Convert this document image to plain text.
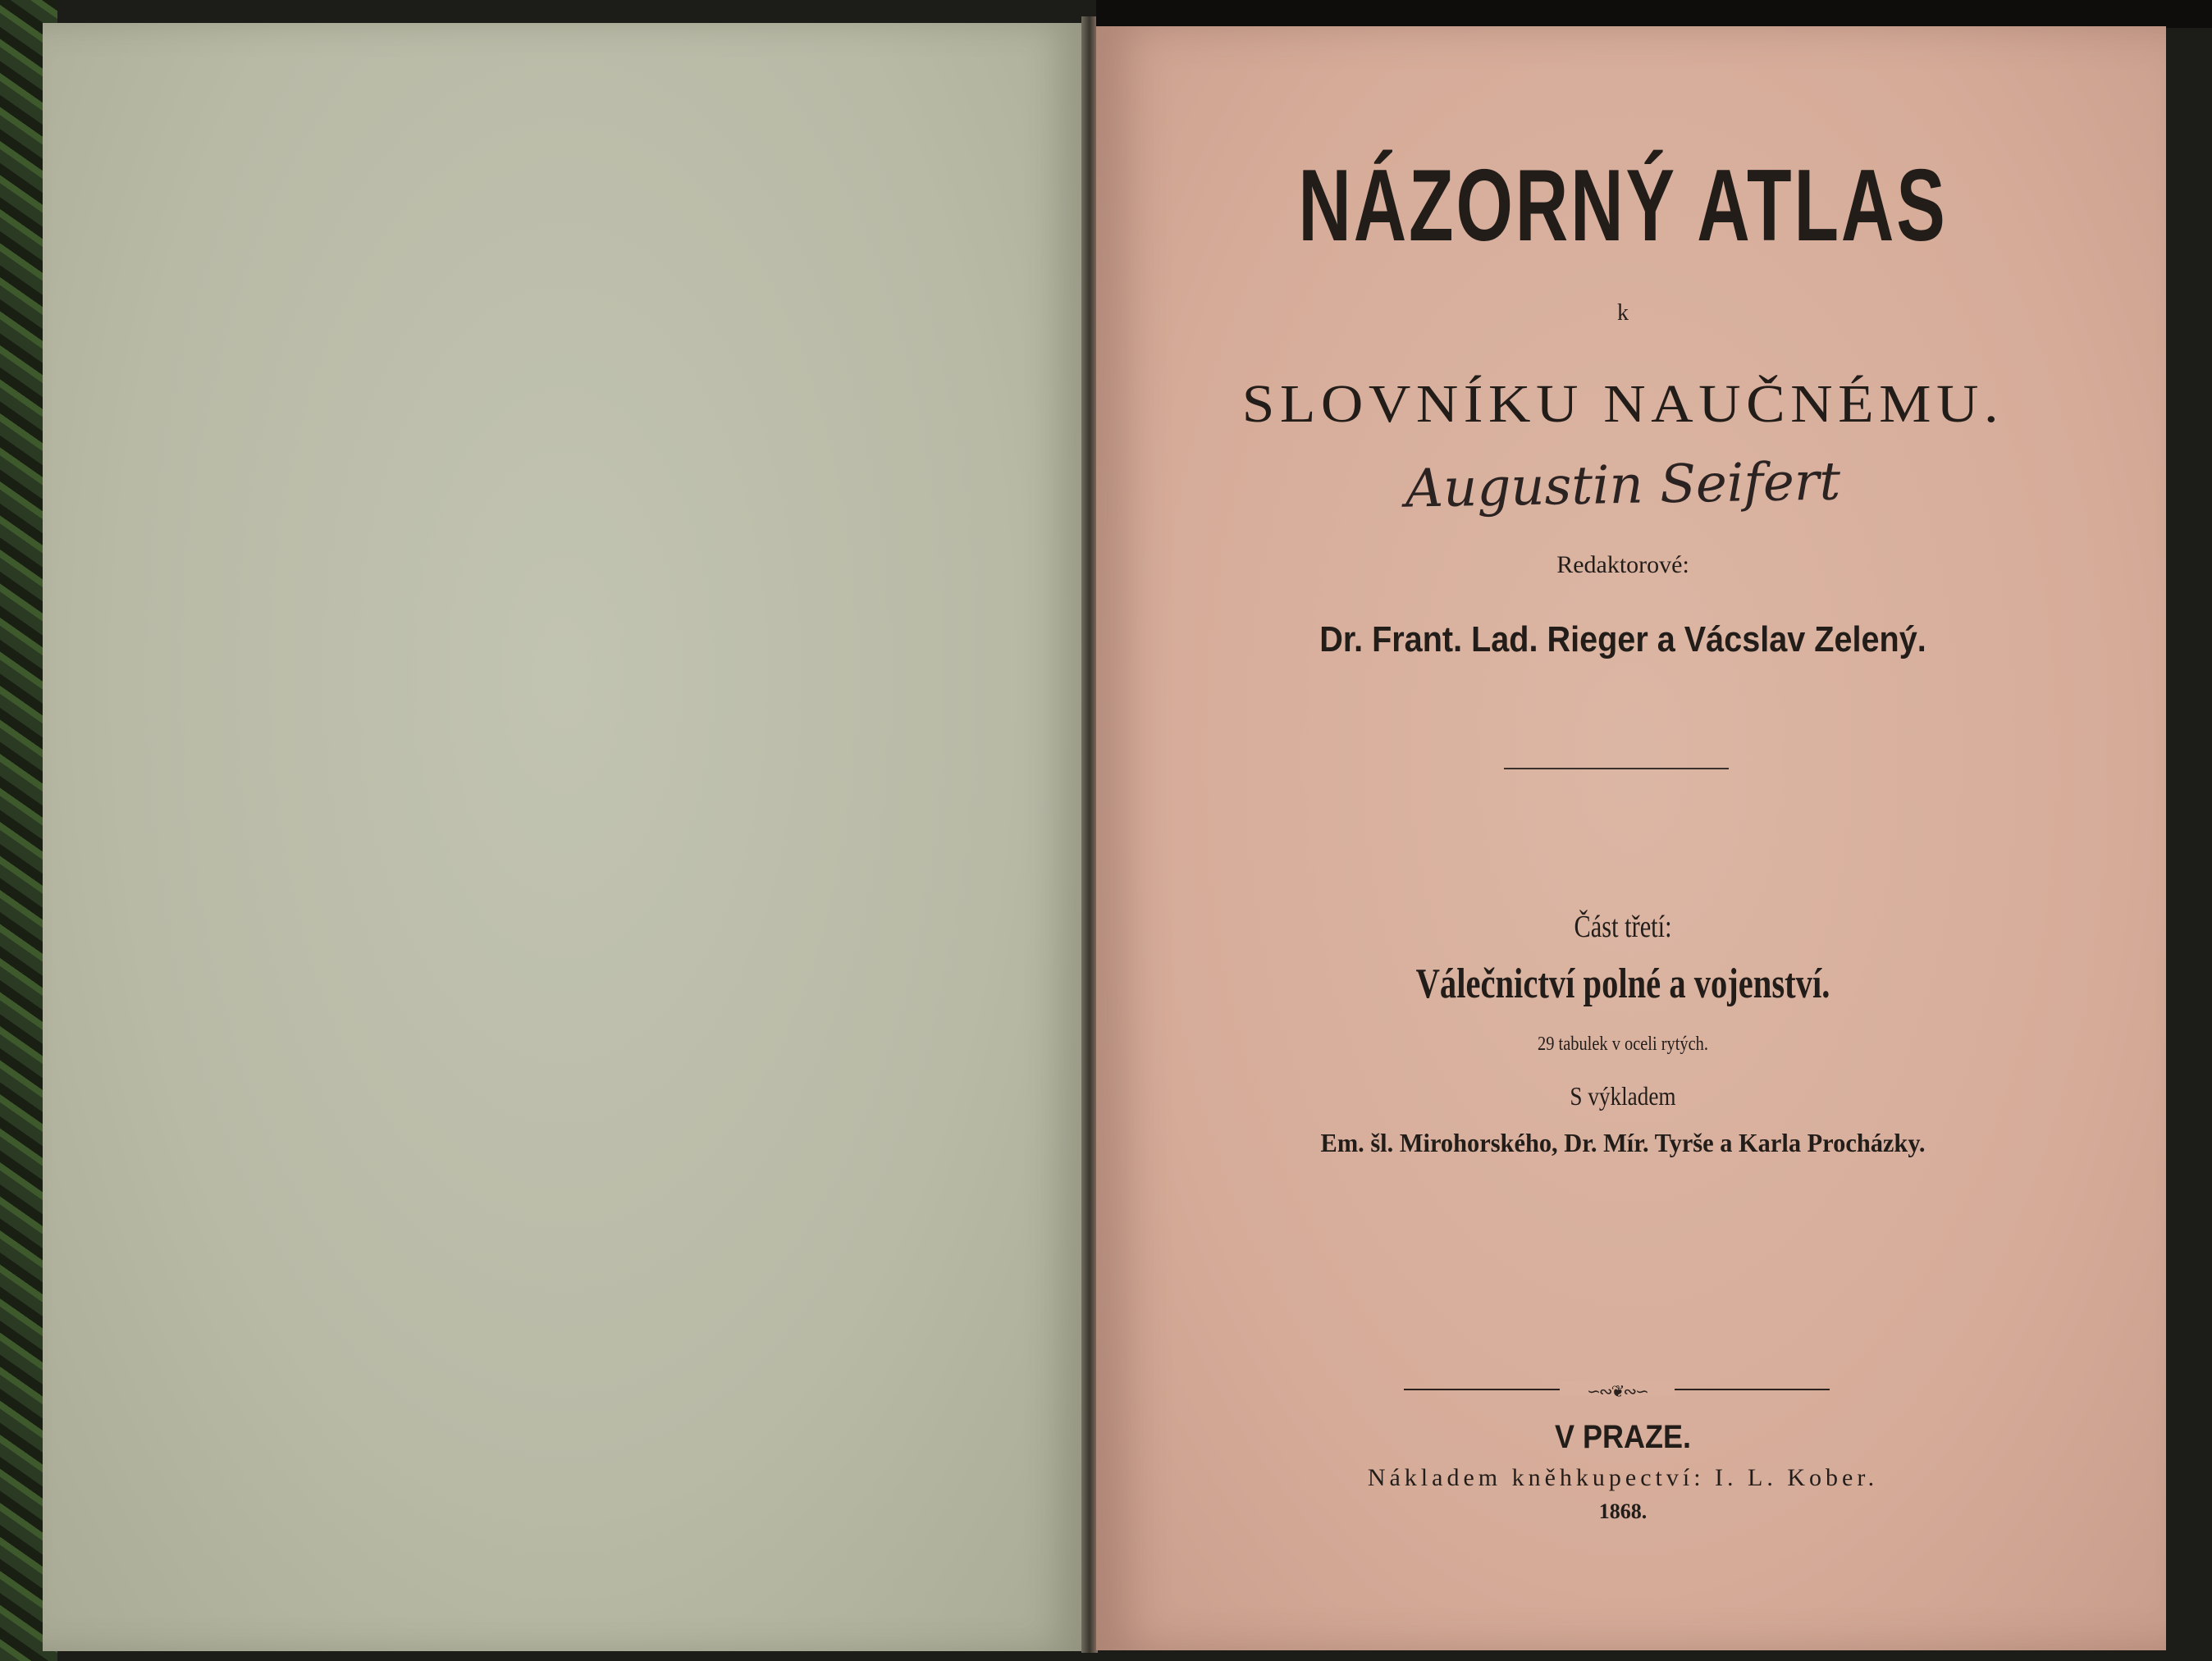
NÁZORNÝ ATLAS
k
SLOVNÍKU NAUČNÉMU.
Augustin Seifert
Redaktorové:
Dr. Frant. Lad. Rieger a Vácslav Zelený.
Část třetí:
Válečnictví polné a vojenství.
29 tabulek v oceli rytých.
S výkladem
Em. šl. Mirohorského, Dr. Mír. Tyrše a Karla Procházky.
∽∾❦∾∽
V PRAZE.
Nákladem kněhkupectví: I. L. Kober.
1868.
